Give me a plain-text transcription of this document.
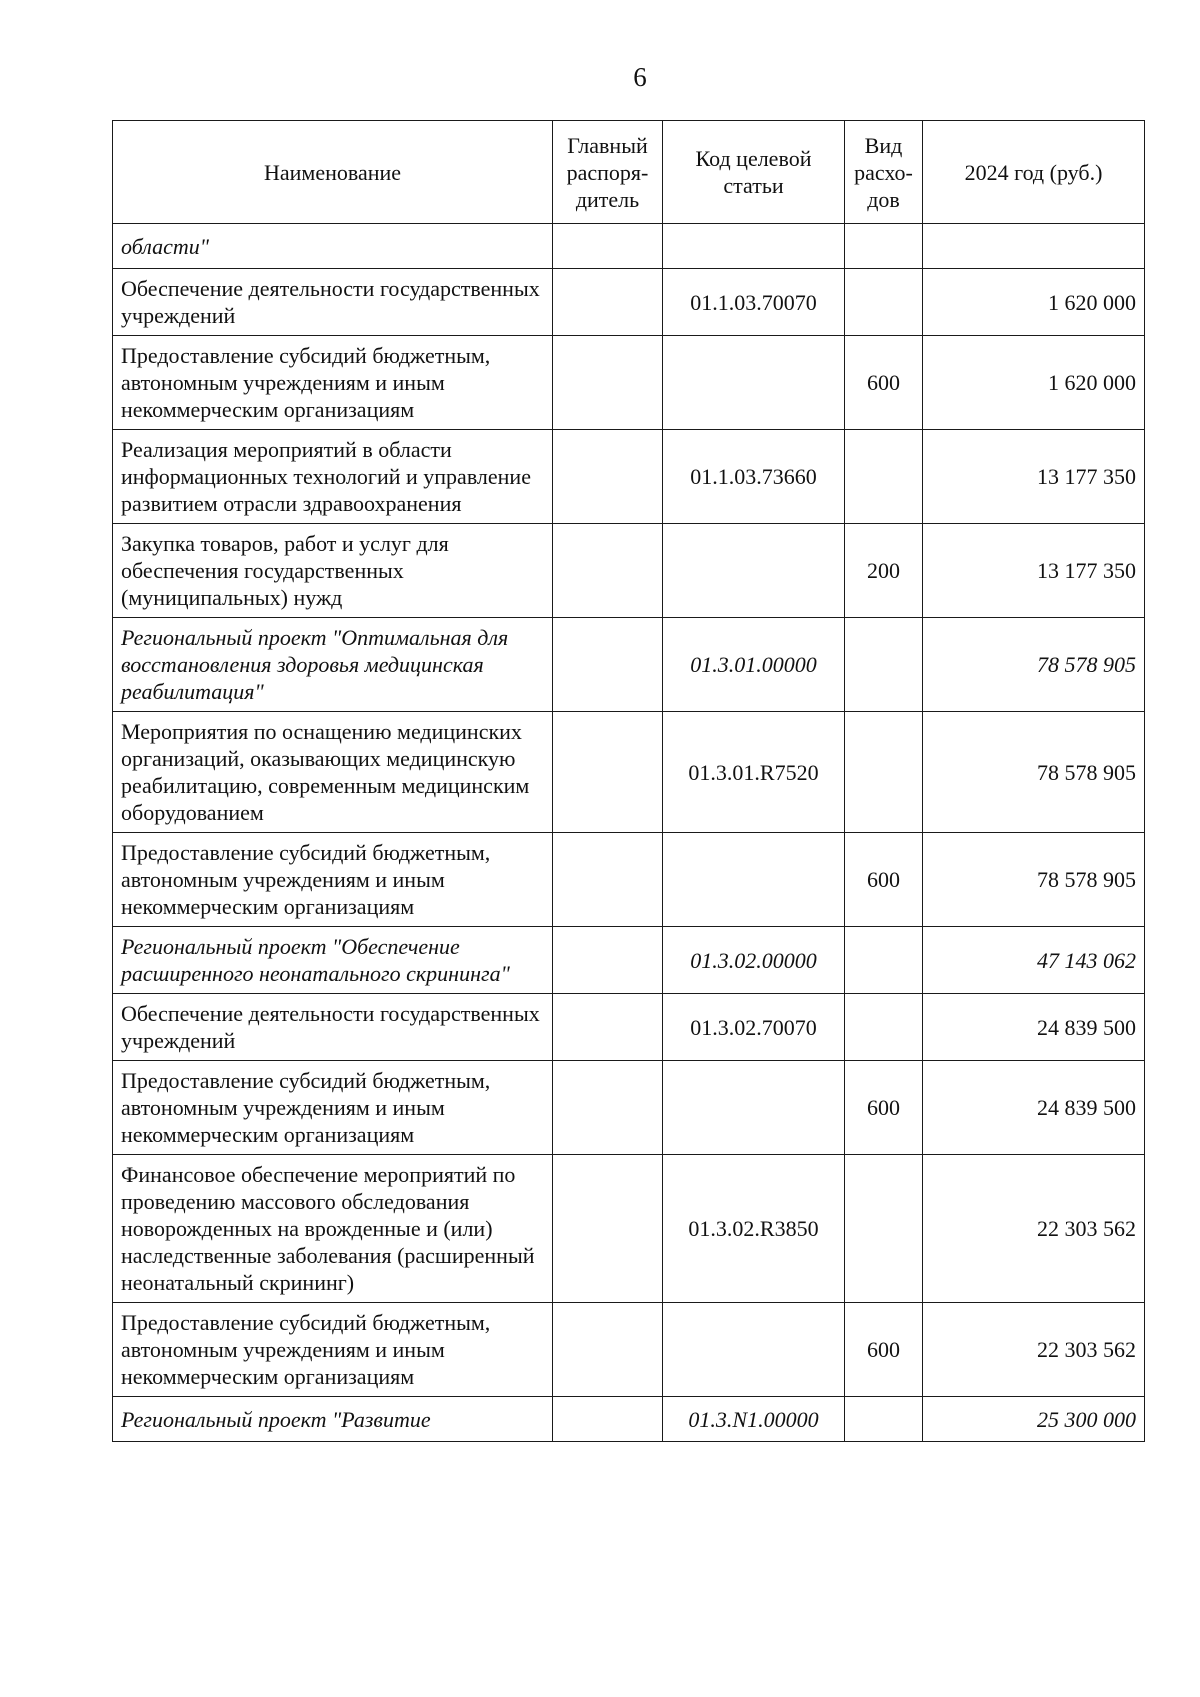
6
Наименование	Главный распоря-дитель	Код целевой статьи	Вид расхо-дов	2024 год (руб.)
области"				
Обеспечение деятельности государственных учреждений		01.1.03.70070		1 620 000
Предоставление субсидий бюджетным, автономным учреждениям и иным некоммерческим организациям			600	1 620 000
Реализация мероприятий в области информационных технологий и управление развитием отрасли здравоохранения		01.1.03.73660		13 177 350
Закупка товаров, работ и услуг для обеспечения государственных (муниципальных) нужд			200	13 177 350
Региональный проект "Оптимальная для восстановления здоровья медицинская реабилитация"		01.3.01.00000		78 578 905
Мероприятия по оснащению медицинских организаций, оказывающих медицинскую реабилитацию, современным медицинским оборудованием		01.3.01.R7520		78 578 905
Предоставление субсидий бюджетным, автономным учреждениям и иным некоммерческим организациям			600	78 578 905
Региональный проект "Обеспечение расширенного неонатального скрининга"		01.3.02.00000		47 143 062
Обеспечение деятельности государственных учреждений		01.3.02.70070		24 839 500
Предоставление субсидий бюджетным, автономным учреждениям и иным некоммерческим организациям			600	24 839 500
Финансовое обеспечение мероприятий по проведению массового обследования новорожденных на врожденные и (или) наследственные заболевания (расширенный неонатальный скрининг)		01.3.02.R3850		22 303 562
Предоставление субсидий бюджетным, автономным учреждениям и иным некоммерческим организациям			600	22 303 562
Региональный проект "Развитие		01.3.N1.00000		25 300 000
